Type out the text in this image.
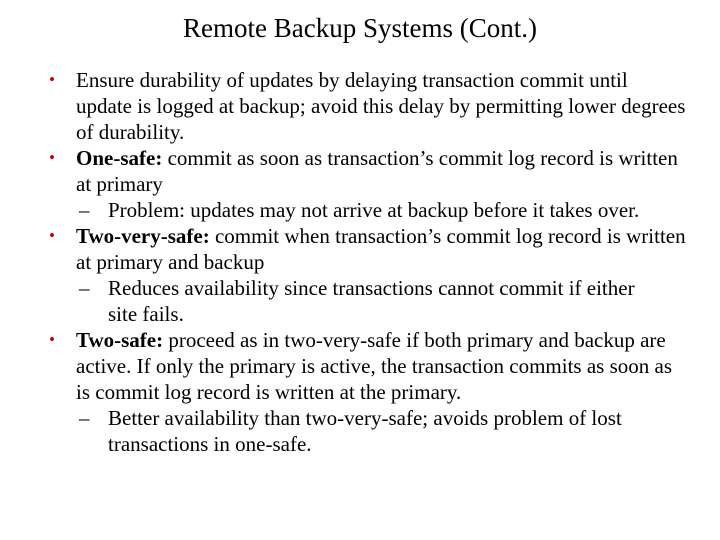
Remote Backup Systems (Cont.)
• Ensure durability of updates by delaying transaction commit until update is logged at backup; avoid this delay by permitting lower degrees of durability.
• One-safe: commit as soon as transaction’s commit log record is written at primary
– Problem: updates may not arrive at backup before it takes over.
• Two-very-safe: commit when transaction’s commit log record is written at primary and backup
– Reduces availability since transactions cannot commit if either site fails.
• Two-safe: proceed as in two-very-safe if both primary and backup are active. If only the primary is active, the transaction commits as soon as is commit log record is written at the primary.
– Better availability than two-very-safe; avoids problem of lost transactions in one-safe.
